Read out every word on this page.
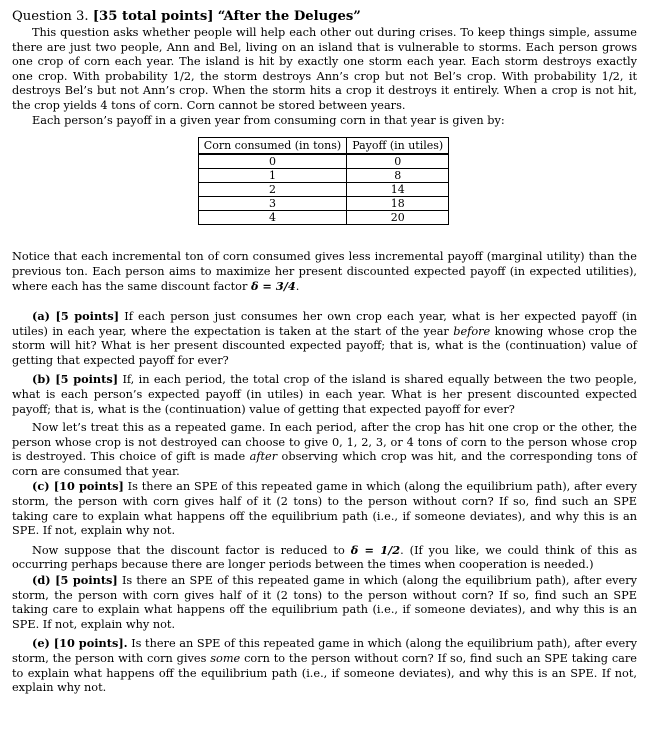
Question 3. [35 total points] “After the Deluges”

This question asks whether people will help each other out during crises. To keep things simple, assume there are just two people, Ann and Bel, living on an island that is vulnerable to storms. Each person grows one crop of corn each year. The island is hit by exactly one storm each year. Each storm destroys exactly one crop. With probability 1/2, the storm destroys Ann’s crop but not Bel’s crop. With probability 1/2, it destroys Bel’s but not Ann’s crop. When the storm hits a crop it destroys it entirely. When a crop is not hit, the crop yields 4 tons of corn. Corn cannot be stored between years.

Each person’s payoff in a given year from consuming corn in that year is given by:

Corn consumed (in tons)	Payoff (in utiles)
0	0
1	8
2	14
3	18
4	20

Notice that each incremental ton of corn consumed gives less incremental payoff (marginal utility) than the previous ton. Each person aims to maximize her present discounted expected payoff (in expected utilities), where each has the same discount factor δ = 3/4.

(a) [5 points] If each person just consumes her own crop each year, what is her expected payoff (in utiles) in each year, where the expectation is taken at the start of the year before knowing whose crop the storm will hit? What is her present discounted expected payoff; that is, what is the (continuation) value of getting that expected payoff for ever?

(b) [5 points] If, in each period, the total crop of the island is shared equally between the two people, what is each person’s expected payoff (in utiles) in each year. What is her present discounted expected payoff; that is, what is the (continuation) value of getting that expected payoff for ever?

Now let’s treat this as a repeated game. In each period, after the crop has hit one crop or the other, the person whose crop is not destroyed can choose to give 0, 1, 2, 3, or 4 tons of corn to the person whose crop is destroyed. This choice of gift is made after observing which crop was hit, and the corresponding tons of corn are consumed that year.

(c) [10 points] Is there an SPE of this repeated game in which (along the equilibrium path), after every storm, the person with corn gives half of it (2 tons) to the person without corn? If so, find such an SPE taking care to explain what happens off the equilibrium path (i.e., if someone deviates), and why this is an SPE. If not, explain why not.

Now suppose that the discount factor is reduced to δ = 1/2. (If you like, we could think of this as occurring perhaps because there are longer periods between the times when cooperation is needed.)

(d) [5 points] Is there an SPE of this repeated game in which (along the equilibrium path), after every storm, the person with corn gives half of it (2 tons) to the person without corn? If so, find such an SPE taking care to explain what happens off the equilibrium path (i.e., if someone deviates), and why this is an SPE. If not, explain why not.

(e) [10 points]. Is there an SPE of this repeated game in which (along the equilibrium path), after every storm, the person with corn gives some corn to the person without corn? If so, find such an SPE taking care to explain what happens off the equilibrium path (i.e., if someone deviates), and why this is an SPE. If not, explain why not.
